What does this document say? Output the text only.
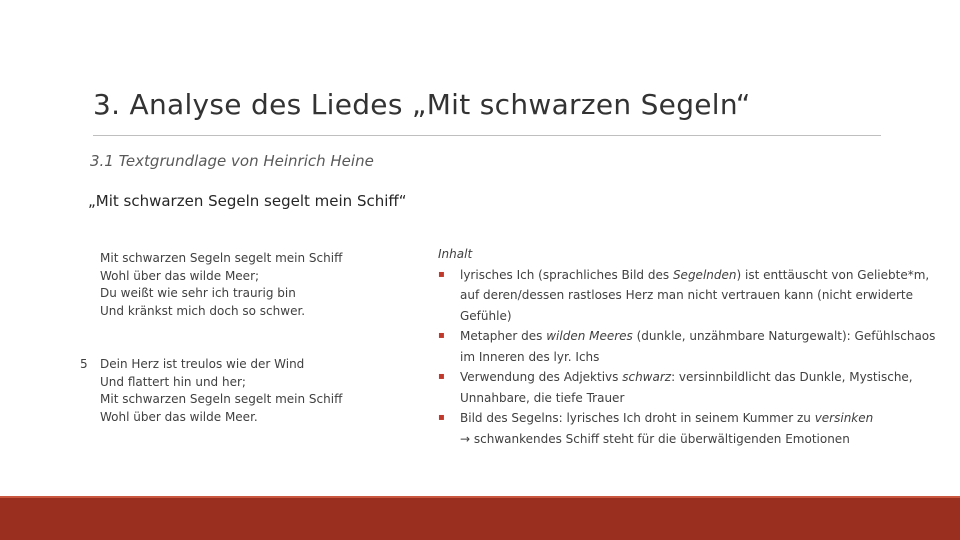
3. Analyse des Liedes „Mit schwarzen Segeln“
3.1 Textgrundlage von Heinrich Heine
„Mit schwarzen Segeln segelt mein Schiff“
Mit schwarzen Segeln segelt mein Schiff
Wohl über das wilde Meer;
Du weißt wie sehr ich traurig bin
Und kränkst mich doch so schwer.
5 Dein Herz ist treulos wie der Wind
Und flattert hin und her;
Mit schwarzen Segeln segelt mein Schiff
Wohl über das wilde Meer.
Inhalt
▪ lyrisches Ich (sprachliches Bild des Segelnden) ist enttäuscht von Geliebte*m, auf deren/dessen rastloses Herz man nicht vertrauen kann (nicht erwiderte Gefühle)
▪ Metapher des wilden Meeres (dunkle, unzähmbare Naturgewalt): Gefühlschaos im Inneren des lyr. Ichs
▪ Verwendung des Adjektivs schwarz: versinnbildlicht das Dunkle, Mystische, Unnahbare, die tiefe Trauer
▪ Bild des Segelns: lyrisches Ich droht in seinem Kummer zu versinken
→ schwankendes Schiff steht für die überwältigenden Emotionen
